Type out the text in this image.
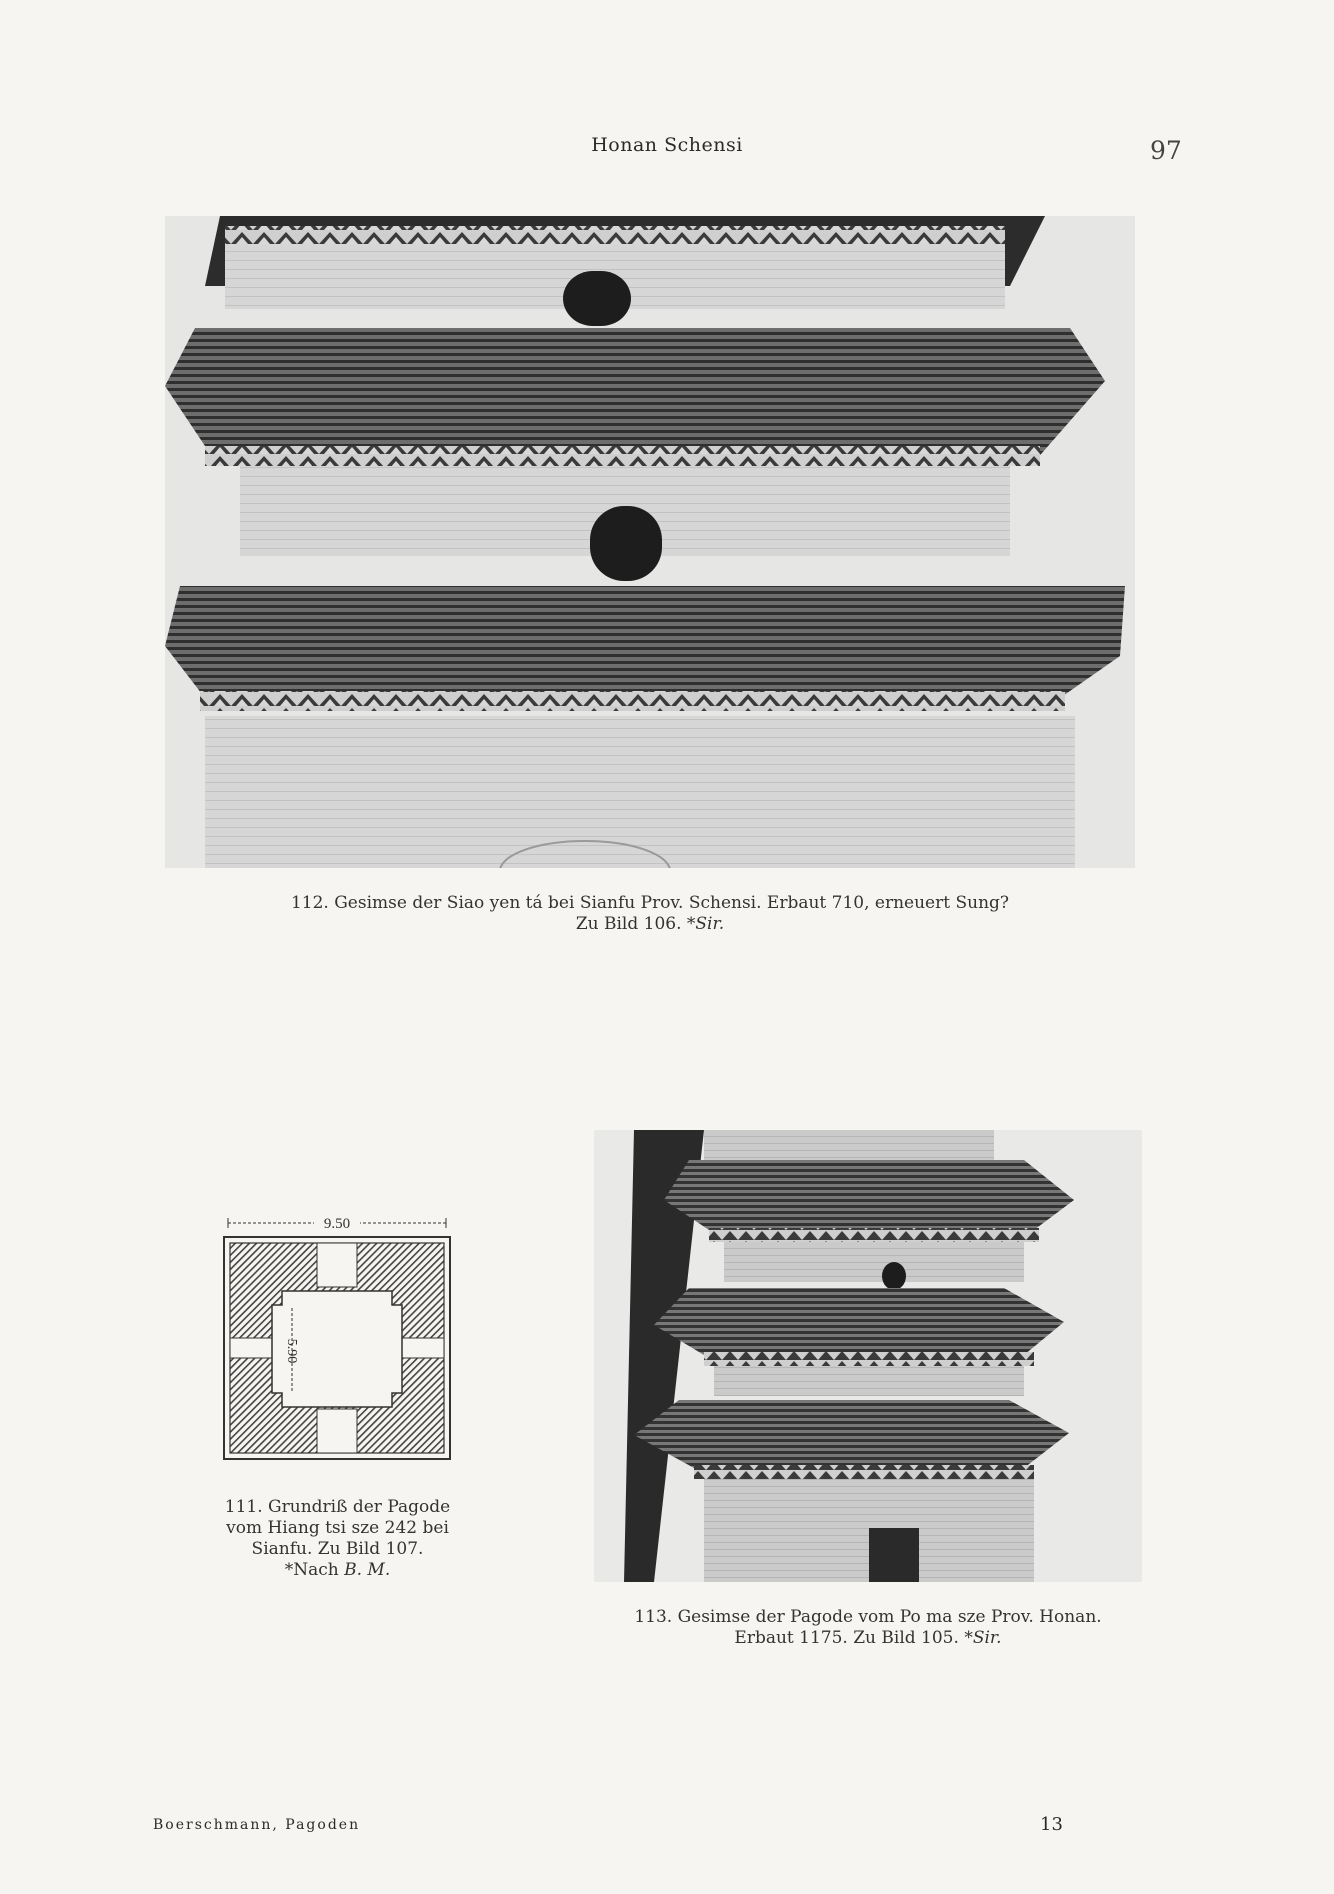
Honan Schensi	97
112. Gesimse der Siao yen tá bei Sianfu Prov. Schensi. Erbaut 710, erneuert Sung?
Zu Bild 106. *Sir.
9.50
5.90
111. Grundriß der Pagode
vom Hiang tsi sze 242 bei
Sianfu. Zu Bild 107.
*Nach B. M.
113. Gesimse der Pagode vom Po ma sze Prov. Honan.
Erbaut 1175. Zu Bild 105. *Sir.
Boerschmann, Pagoden	13
